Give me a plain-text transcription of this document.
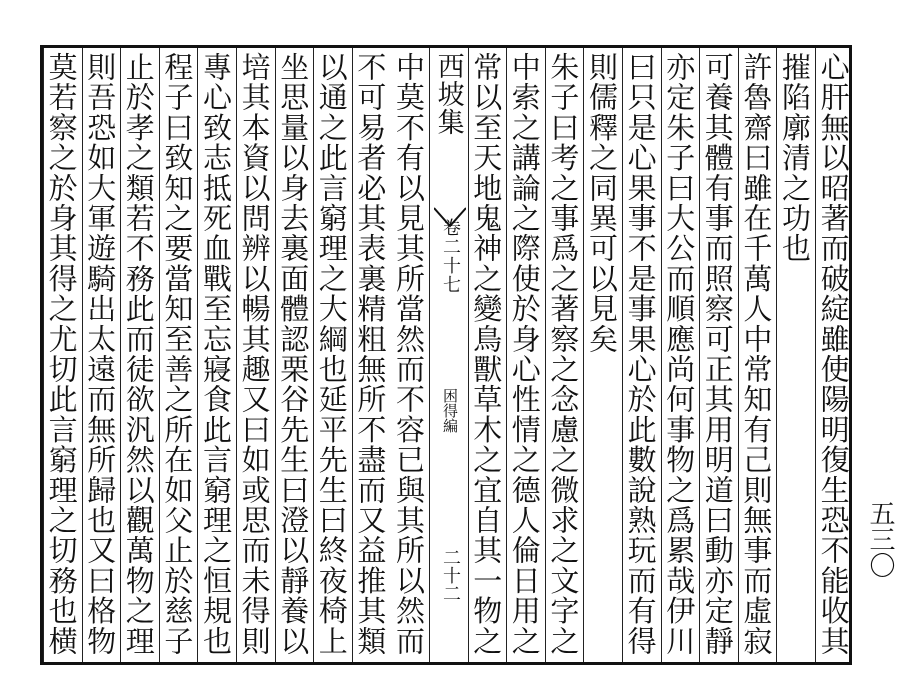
中莫不有以見其所當然而不容已與其所以然而
不可易者必其表裏精粗無所不盡而又益推其類
以通之此言窮理之大綱也延平先生曰終夜椅上
坐思量以身去裏面體認栗谷先生曰澄以靜養以
培其本資以問辨以暢其趣又曰如或思而未得則
專心致志抵死血戰至忘寢食此言窮理之恒規也
程子曰致知之要當知至善之所在如父止於慈子
止於孝之類若不務此而徒欲汎然以觀萬物之理
則吾恐如大軍遊騎出太遠而無所歸也又曰格物
莫若察之於身其得之尤切此言窮理之切務也横	西坡集
卷二十七
困得編
二十二	心肝無以昭著而破綻雖使陽明復生恐不能收其
摧陷廓清之功也
許魯齋曰雖在千萬人中常知有己則無事而虛寂
可養其體有事而照察可正其用明道曰動亦定靜
亦定朱子曰大公而順應尚何事物之爲累哉伊川
曰只是心果事不是事果心於此數說熟玩而有得
則儒釋之同異可以見矣
朱子曰考之事爲之著察之念慮之微求之文字之
中索之講論之際使於身心性情之德人倫日用之
常以至天地鬼神之變鳥獸草木之宜自其一物之	五三〇
